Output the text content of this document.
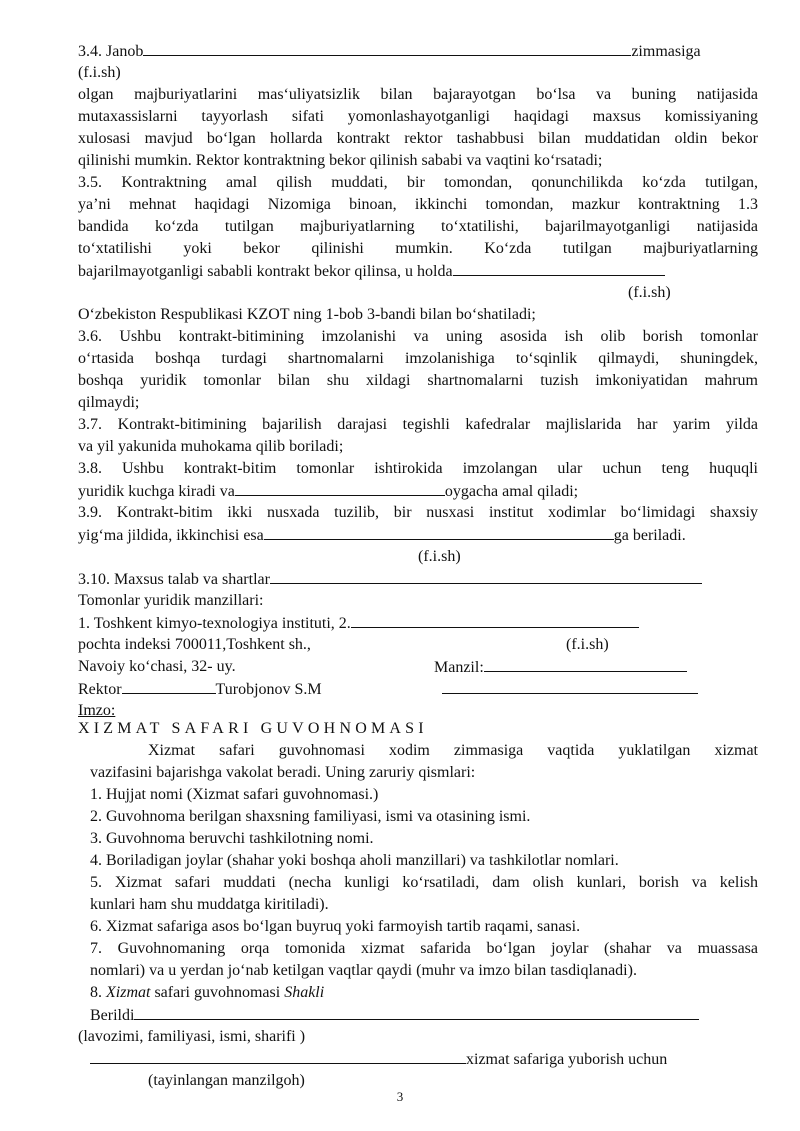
3.4. Janob	zimmasiga
(f.i.sh)
olgan majburiyatlarini mas‘uliyatsizlik bilan bajarayotgan bo‘lsa va buning natijasida
mutaxassislarni tayyorlash sifati yomonlashayotganligi haqidagi maxsus komissiyaning
xulosasi mavjud bo‘lgan hollarda kontrakt rektor tashabbusi bilan muddatidan oldin bekor
qilinishi mumkin. Rektor kontraktning bekor qilinish sababi va vaqtini ko‘rsatadi;
3.5. Kontraktning amal qilish muddati, bir tomondan, qonunchilikda ko‘zda tutilgan,
ya’ni mehnat haqidagi Nizomiga binoan, ikkinchi tomondan, mazkur kontraktning 1.3
bandida ko‘zda tutilgan majburiyatlarning to‘xtatilishi, bajarilmayotganligi natijasida
to‘xtatilishi yoki bekor qilinishi mumkin. Ko‘zda tutilgan majburiyatlarning
bajarilmayotganligi sababli kontrakt bekor qilinsa, u holda
(f.i.sh)
O‘zbekiston Respublikasi KZOT ning 1-bob 3-bandi bilan bo‘shatiladi;
3.6. Ushbu kontrakt-bitimining imzolanishi va uning asosida ish olib borish tomonlar
o‘rtasida boshqa turdagi shartnomalarni imzolanishiga to‘sqinlik qilmaydi, shuningdek,
boshqa yuridik tomonlar bilan shu xildagi shartnomalarni tuzish imkoniyatidan mahrum
qilmaydi;
3.7. Kontrakt-bitimining bajarilish darajasi tegishli kafedralar majlislarida har yarim yilda
va yil yakunida muhokama qilib boriladi;
3.8. Ushbu kontrakt-bitim tomonlar ishtirokida imzolangan ular uchun teng huquqli
yuridik kuchga kiradi va	oygacha amal qiladi;
3.9. Kontrakt-bitim ikki nusxada tuzilib, bir nusxasi institut xodimlar bo‘limidagi shaxsiy
yig‘ma jildida, ikkinchisi esa	ga beriladi.
(f.i.sh)
3.10. Maxsus talab va shartlar
Tomonlar yuridik manzillari:
1. Toshkent kimyo-texnologiya instituti, 2.
pochta indeksi 700011,Toshkent sh.,	(f.i.sh)
Navoiy ko‘chasi, 32- uy.	Manzil:
Rektor	Turobjonov S.M
Imzo:
XIZMAT SAFARI GUVOHNOMASI
Xizmat safari guvohnomasi xodim zimmasiga vaqtida yuklatilgan xizmat
vazifasini bajarishga vakolat beradi. Uning zaruriy qismlari:
1. Hujjat nomi (Xizmat safari guvohnomasi.)
2. Guvohnoma berilgan shaxsning familiyasi, ismi va otasining ismi.
3. Guvohnoma beruvchi tashkilotning nomi.
4. Boriladigan joylar (shahar yoki boshqa aholi manzillari) va tashkilotlar nomlari.
5. Xizmat safari muddati (necha kunligi ko‘rsatiladi, dam olish kunlari, borish va kelish
kunlari ham shu muddatga kiritiladi).
6. Xizmat safariga asos bo‘lgan buyruq yoki farmoyish tartib raqami, sanasi.
7. Guvohnomaning orqa tomonida xizmat safarida bo‘lgan joylar (shahar va muassasa
nomlari) va u yerdan jo‘nab ketilgan vaqtlar qaydi (muhr va imzo bilan tasdiqlanadi).
8. Xizmat safari guvohnomasi Shakli
Berildi
(lavozimi, familiyasi, ismi, sharifi )
xizmat safariga yuborish uchun
(tayinlangan manzilgoh)
3
